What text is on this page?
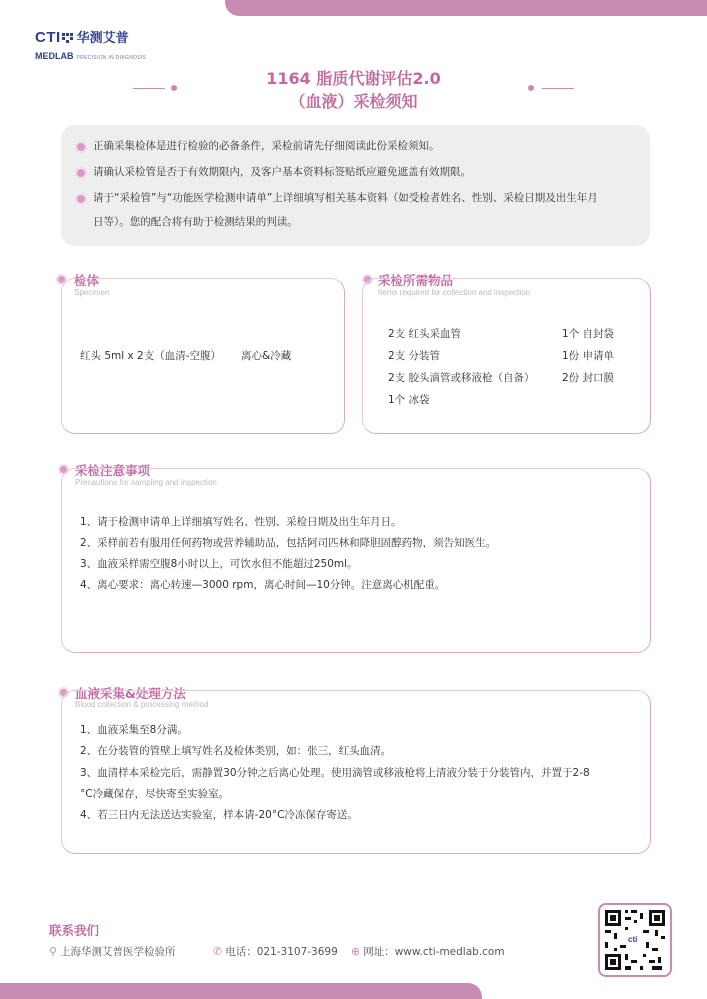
CTI 华测艾普
MEDLAB PRECISION IN DIAGNOSIS
1164 脂质代谢评估2.0
（血液）采检须知
正确采集检体是进行检验的必备条件，采检前请先仔细阅读此份采检须知。
请确认采检管是否于有效期限内，及客户基本资料标签贴纸应避免遮盖有效期限。
请于“采检管”与“功能医学检测申请单”上详细填写相关基本资料（如受检者姓名、性别、采检日期及出生年月
日等）。您的配合将有助于检测结果的判读。
检体
Specimen
红头 5ml x 2支（血清-空腹） 离心&冷藏
采检所需物品
Items required for collection and inspection
2支 红头采血管
2支 分装管
2支 胶头滴管或移液枪（自备）
1个 冰袋
1个 自封袋
1份 申请单
2份 封口膜
采检注意事项
Precautions for sampling and inspection
1、请于检测申请单上详细填写姓名、性别、采检日期及出生年月日。
2、采样前若有服用任何药物或营养辅助品，包括阿司匹林和降胆固醇药物，须告知医生。
3、血液采样需空腹8小时以上，可饮水但不能超过250ml。
4、离心要求：离心转速—3000 rpm，离心时间—10分钟。注意离心机配重。
血液采集&处理方法
Blood collection & processing method
1、血液采集至8分满。
2、在分装管的管壁上填写姓名及检体类别，如：张三，红头血清。
3、血清样本采检完后，需静置30分钟之后离心处理。使用滴管或移液枪将上清液分装于分装管内，并置于2-8
°C冷藏保存，尽快寄至实验室。
4、若三日内无法送达实验室，样本请-20°C冷冻保存寄送。
联系我们
⚲ 上海华测艾普医学检验所	✆ 电话：021-3107-3699 ⊕ 网址：www.cti-medlab.com
cti
